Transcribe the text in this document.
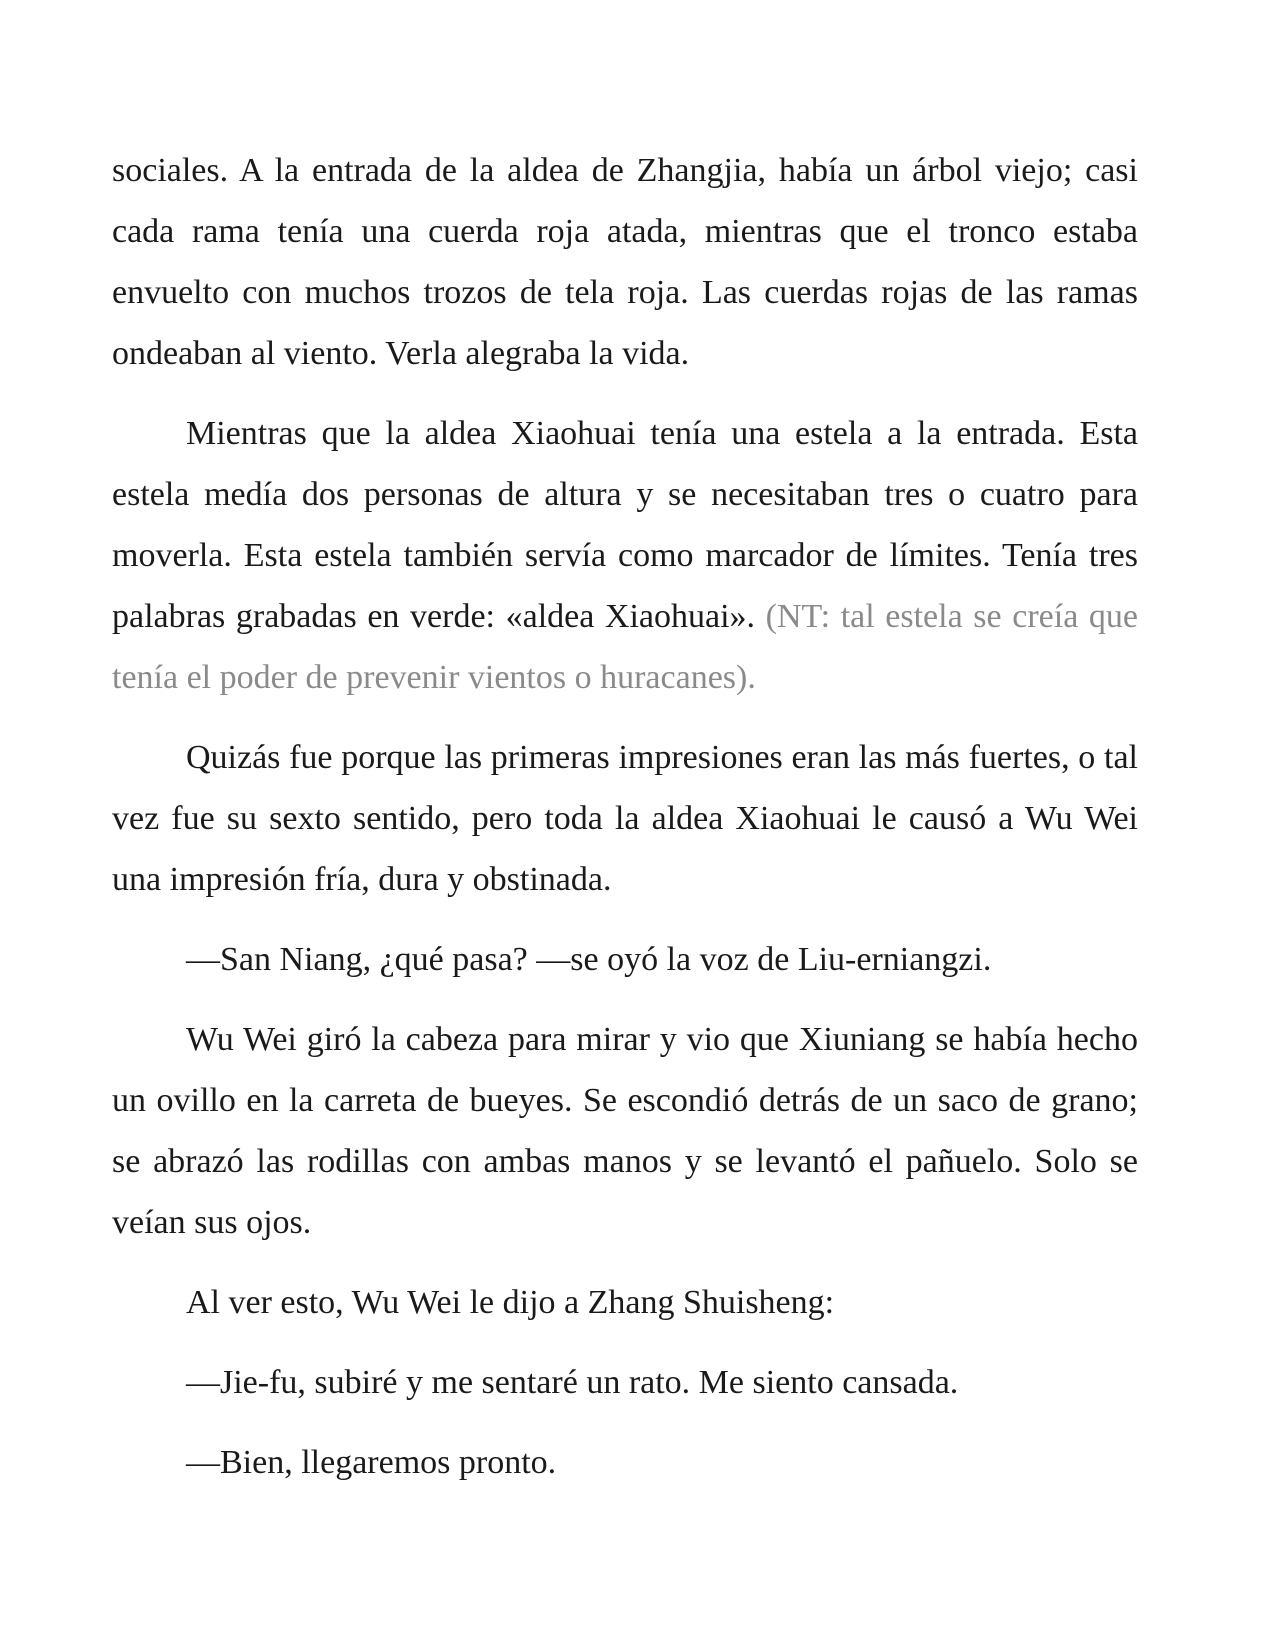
sociales. A la entrada de la aldea de Zhangjia, había un árbol viejo; casi cada rama tenía una cuerda roja atada, mientras que el tronco estaba envuelto con muchos trozos de tela roja. Las cuerdas rojas de las ramas ondeaban al viento. Verla alegraba la vida.

Mientras que la aldea Xiaohuai tenía una estela a la entrada. Esta estela medía dos personas de altura y se necesitaban tres o cuatro para moverla. Esta estela también servía como marcador de límites. Tenía tres palabras grabadas en verde: «aldea Xiaohuai». (NT: tal estela se creía que tenía el poder de prevenir vientos o huracanes).

Quizás fue porque las primeras impresiones eran las más fuertes, o tal vez fue su sexto sentido, pero toda la aldea Xiaohuai le causó a Wu Wei una impresión fría, dura y obstinada.

—San Niang, ¿qué pasa? —se oyó la voz de Liu-erniangzi.

Wu Wei giró la cabeza para mirar y vio que Xiuniang se había hecho un ovillo en la carreta de bueyes. Se escondió detrás de un saco de grano; se abrazó las rodillas con ambas manos y se levantó el pañuelo. Solo se veían sus ojos.

Al ver esto, Wu Wei le dijo a Zhang Shuisheng:

—Jie-fu, subiré y me sentaré un rato. Me siento cansada.

—Bien, llegaremos pronto.
